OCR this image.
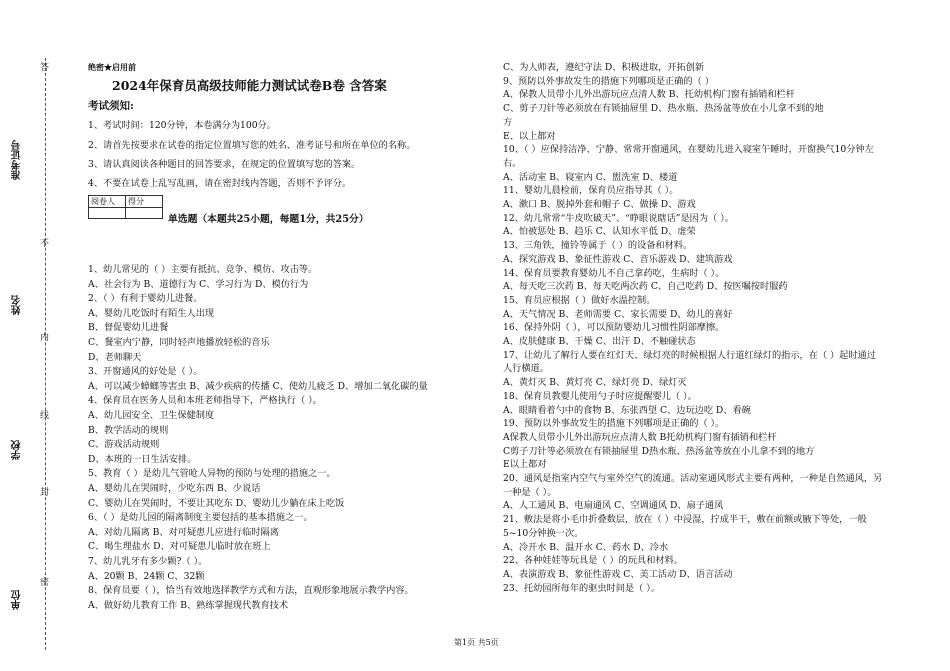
答
不
内
线
封
密
准考证号
姓名
学校
单位
绝密★启用前
2024年保育员高级技师能力测试试卷B卷 含答案
考试须知:
1、考试时间：120分钟，本卷满分为100分。
2、请首先按要求在试卷的指定位置填写您的姓名、准考证号和所在单位的名称。
3、请认真阅读各种题目的回答要求，在规定的位置填写您的答案。
4、不要在试卷上乱写乱画，请在密封线内答题，否则不予评分。
阅卷人	得分

单选题（本题共25小题，每题1分，共25分）
1、幼儿常见的（ ）主要有抵抗、竞争、模仿、攻击等。
A、社会行为 B、道德行为 C、学习行为 D、模仿行为
2、（ ）有利于婴幼儿进餐。
A、婴幼儿吃饭时有陌生人出现
B、督促婴幼儿进餐
C、餐室内宁静，同时轻声地播放轻松的音乐
D、老师聊天
3、开窗通风的好处是（ ）。
A、可以减少蟑螂等害虫 B、减少疾病的传播 C、使幼儿疲乏 D、增加二氧化碳的量
4、保育员在医务人员和本班老师指导下，严格执行（ ）。
A、幼儿园安全、卫生保健制度
B、教学活动的规则
C、游戏活动规则
D、本班的一日生活安排。
5、教育（ ）是幼儿气管呛人异物的预防与处理的措施之一。
A、婴幼儿在哭闹时，少吃东西 B、少说话
C、婴幼儿在哭闹时，不要让其吃东 D、婴幼儿少躺在床上吃饭
6、（ ）是幼儿园的隔离制度主要包括的基本措施之一。
A、对幼儿隔离 B、对可疑患儿应进行临时隔离
C、喝生理盐水 D、对可疑患儿临时放在班上
7、幼儿乳牙有多少颗?（ ）。
A、20颗 B、24颗 C、32颗
8、保育员要（ ），恰当有效地选择教学方式和方法，直观形象地展示教学内容。
A、做好幼儿教育工作 B、熟练掌握现代教育技术
C、为人师表，遵纪守法 D、积极进取，开拓创新
9、预防以外事故发生的措施下列哪项是正确的（ ）
A、保教人员带小儿外出游玩应点清人数 B、托幼机构门窗有插销和栏杆
C、剪子刀针等必须放在有锁抽屉里 D、热水瓶、热汤盆等放在小儿拿不到的地
方
E、以上都对
10、（ ）应保持洁净、宁静、常常开窗通风，在婴幼儿进入寝室午睡时，开窗换气10分钟左
右。
A、活动室 B、寝室内 C、盥洗室 D、楼道
11、婴幼儿晨检前，保育员应指导其（ ）。
A、漱口 B、脱掉外套和帽子 C、做操 D、游戏
12、幼儿常常“牛皮吹破天”、“睁眼说瞎话”是因为（ ）。
A、怕被惩处 B、趋乐 C、认知水平低 D、虚荣
13、三角铁，撞铃等属于（ ）的设备和材料。
A、探究游戏 B、象征性游戏 C、音乐游戏 D、建筑游戏
14、保育员要教育婴幼儿不自己拿药吃，生病时（ ）。
A、每天吃三次药 B、每天吃两次药 C、自己吃药 D、按医嘱按时服药
15、育员应根据（ ）做好水温控制。
A、天气情况 B、老师需要 C、家长需要 D、幼儿的喜好
16、保持外阴（ ），可以预防婴幼儿习惯性阴部摩擦。
A、皮肤健康 B、干燥 C、出汗 D、不触碰状态
17、让幼儿了解行人要在红灯天、绿灯亮的时候根据人行道红绿灯的指示，在（ ）起时通过
人行横道。
A、黄灯灭 B、黄灯亮 C、绿灯亮 D、绿灯灭
18、保育员教婴儿使用勺子时应提醒婴儿（ ）。
A、眼睛看着勺中的食物 B、东张西望 C、边玩边吃 D、看碗
19、预防以外事故发生的措施下列哪项是正确的（ ）。
A保教人员带小儿外出游玩应点清人数 B托幼机构门窗有插销和栏杆
C剪子刀针等必须放在有锁抽屉里 D热水瓶、热汤盆等放在小儿拿不到的地方
E以上都对
20、通风是指室内空气与室外空气的流通。活动室通风形式主要有两种，一种是自然通风，另
一种是（ ）。
A、人工通风 B、电扇通风 C、空调通风 D、扇子通风
21、敷法是将小毛巾折叠数层，放在（ ）中浸湿，拧成半干，敷在前额或腋下等处，一般
5~10分钟换一次。
A、冷开水 B、温开水 C、药水 D、冷水
22、各种娃娃等玩具是（ ）的玩具和材料。
A、表演游戏 B、象征性游戏 C、美工活动 D、语言活动
23、托幼园所每年的驱虫时间是（ ）。
第1页 共5页
